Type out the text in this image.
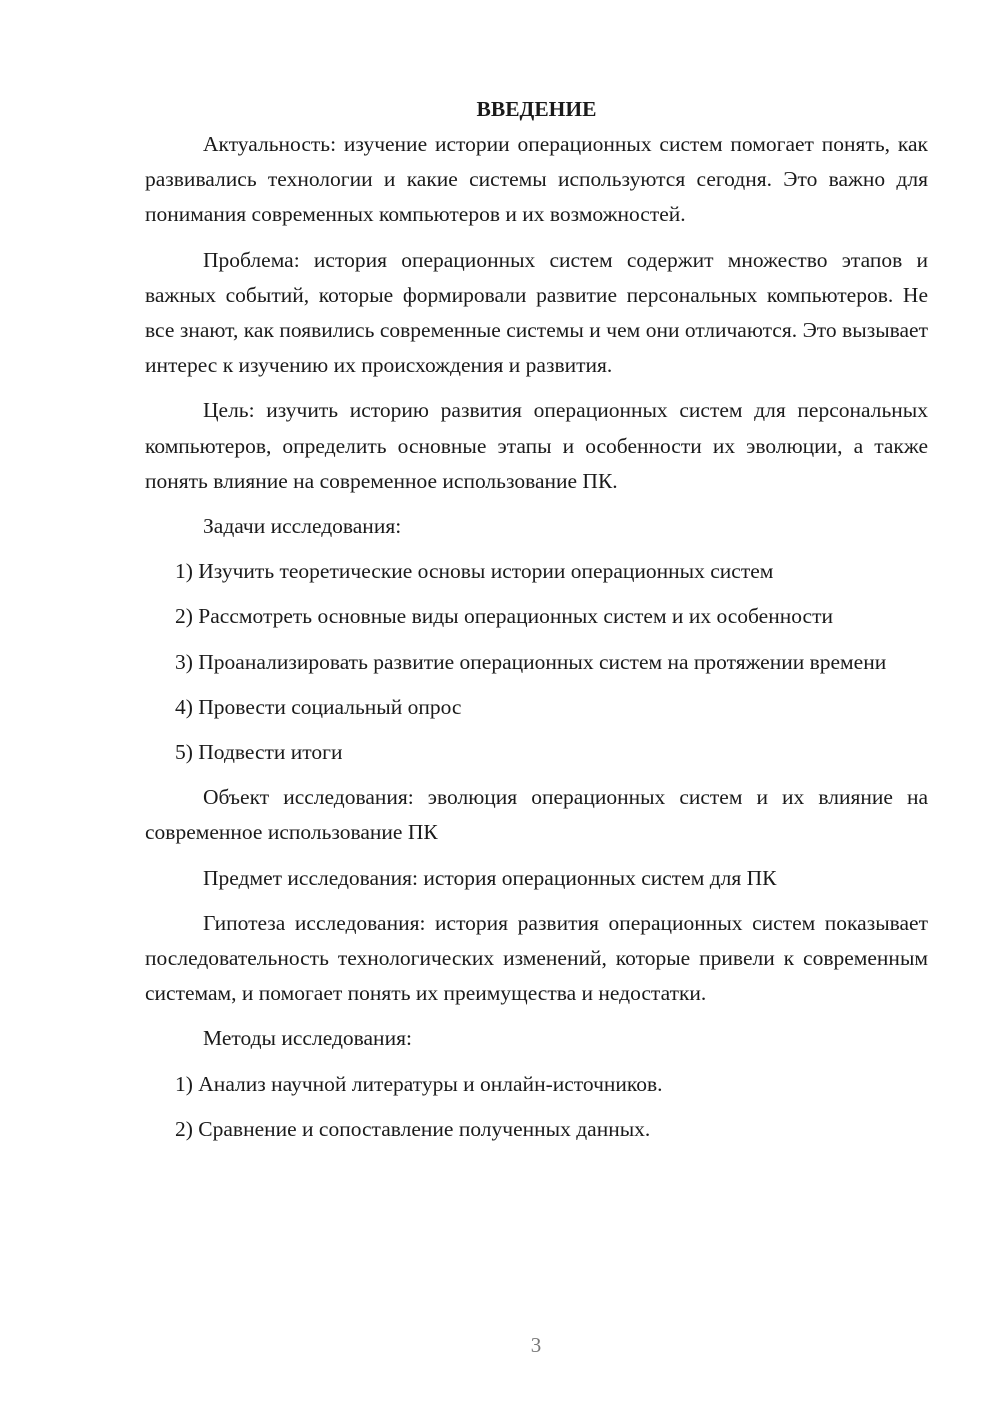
ВВЕДЕНИЕ

Актуальность: изучение истории операционных систем помогает понять, как развивались технологии и какие системы используются сегодня. Это важно для понимания современных компьютеров и их возможностей.

Проблема: история операционных систем содержит множество этапов и важных событий, которые формировали развитие персональных компьютеров. Не все знают, как появились современные системы и чем они отличаются. Это вызывает интерес к изучению их происхождения и развития.

Цель: изучить историю развития операционных систем для персональных компьютеров, определить основные этапы и особенности их эволюции, а также понять влияние на современное использование ПК.

Задачи исследования:

1) Изучить теоретические основы истории операционных систем

2) Рассмотреть основные виды операционных систем и их особенности

3) Проанализировать развитие операционных систем на протяжении времени

4) Провести социальный опрос

5) Подвести итоги

Объект исследования: эволюция операционных систем и их влияние на современное использование ПК

Предмет исследования: история операционных систем для ПК

Гипотеза исследования: история развития операционных систем показывает последовательность технологических изменений, которые привели к современным системам, и помогает понять их преимущества и недостатки.

Методы исследования:

1) Анализ научной литературы и онлайн-источников.

2) Сравнение и сопоставление полученных данных.

3
